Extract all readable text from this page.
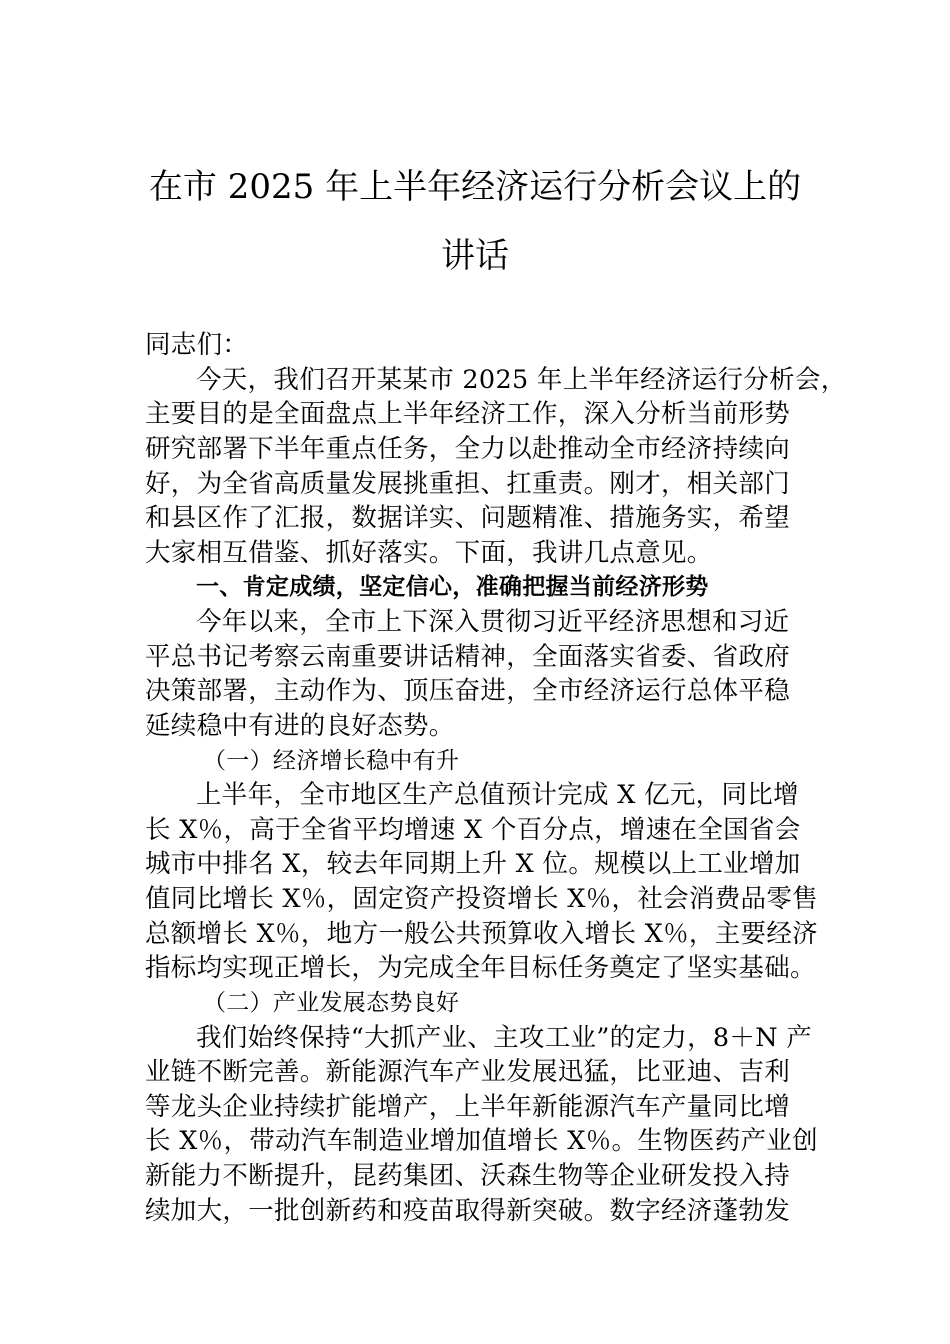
在市 2025 年上半年经济运行分析会议上的
讲话
同志们：
今天，我们召开某某市 2025 年上半年经济运行分析会，
主要目的是全面盘点上半年经济工作，深入分析当前形势
研究部署下半年重点任务，全力以赴推动全市经济持续向
好，为全省高质量发展挑重担、扛重责。刚才，相关部门
和县区作了汇报，数据详实、问题精准、措施务实，希望
大家相互借鉴、抓好落实。下面，我讲几点意见。
一、肯定成绩，坚定信心，准确把握当前经济形势
今年以来，全市上下深入贯彻习近平经济思想和习近
平总书记考察云南重要讲话精神，全面落实省委、省政府
决策部署，主动作为、顶压奋进，全市经济运行总体平稳
延续稳中有进的良好态势。
（一）经济增长稳中有升
上半年，全市地区生产总值预计完成 X 亿元，同比增
长 X％，高于全省平均增速 X 个百分点，增速在全国省会
城市中排名 X，较去年同期上升 X 位。规模以上工业增加
值同比增长 X％，固定资产投资增长 X％，社会消费品零售
总额增长 X％，地方一般公共预算收入增长 X％，主要经济
指标均实现正增长，为完成全年目标任务奠定了坚实基础。
（二）产业发展态势良好
我们始终保持“大抓产业、主攻工业”的定力，8＋N 产
业链不断完善。新能源汽车产业发展迅猛，比亚迪、吉利
等龙头企业持续扩能增产，上半年新能源汽车产量同比增
长 X％，带动汽车制造业增加值增长 X％。生物医药产业创
新能力不断提升，昆药集团、沃森生物等企业研发投入持
续加大，一批创新药和疫苗取得新突破。数字经济蓬勃发
